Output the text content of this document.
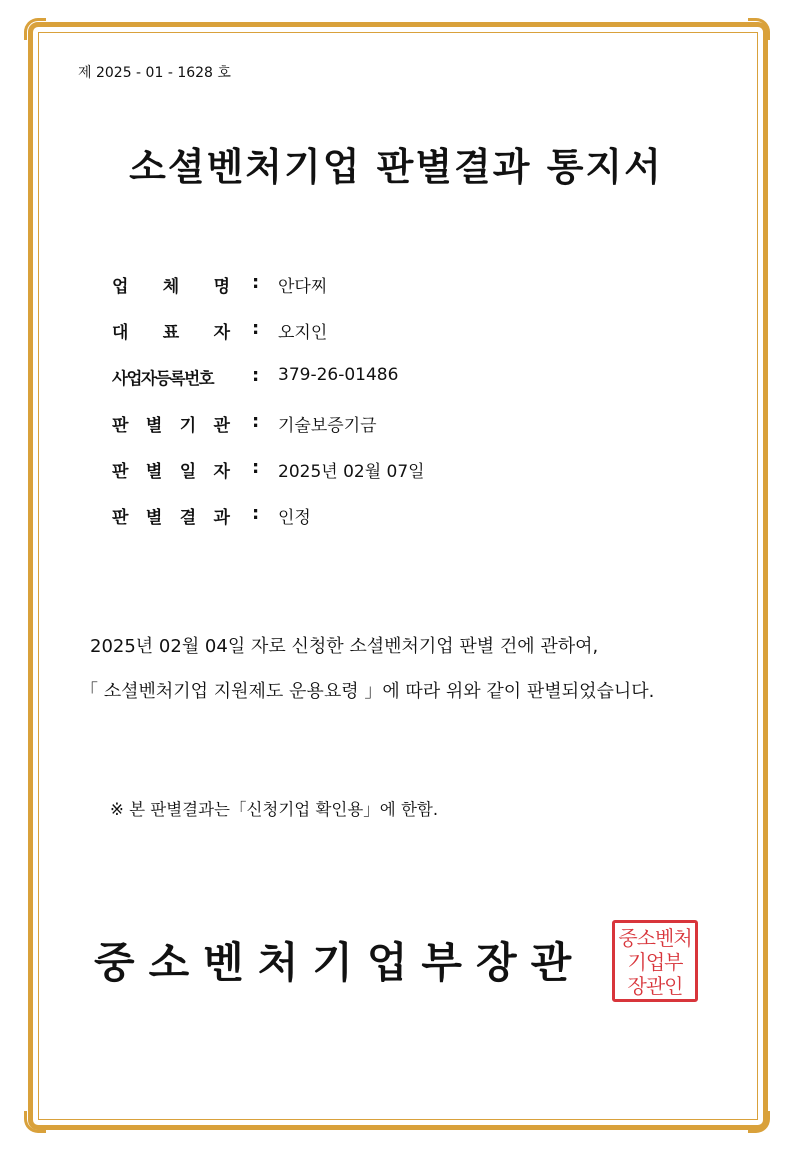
제 2025 - 01 - 1628 호
소셜벤처기업 판별결과 통지서
업 체 명 : 안다찌
대 표 자 : 오지인
사업자등록번호 : 379-26-01486
판 별 기 관 : 기술보증기금
판 별 일 자 : 2025년 02월 07일
판 별 결 과 : 인정
2025년 02월 04일 자로 신청한 소셜벤처기업 판별 건에 관하여,
「 소셜벤처기업 지원제도 운용요령 」에 따라 위와 같이 판별되었습니다.
※ 본 판별결과는「신청기업 확인용」에 한함.
중소벤처기업부장관 중소벤처
기업부
장관인
